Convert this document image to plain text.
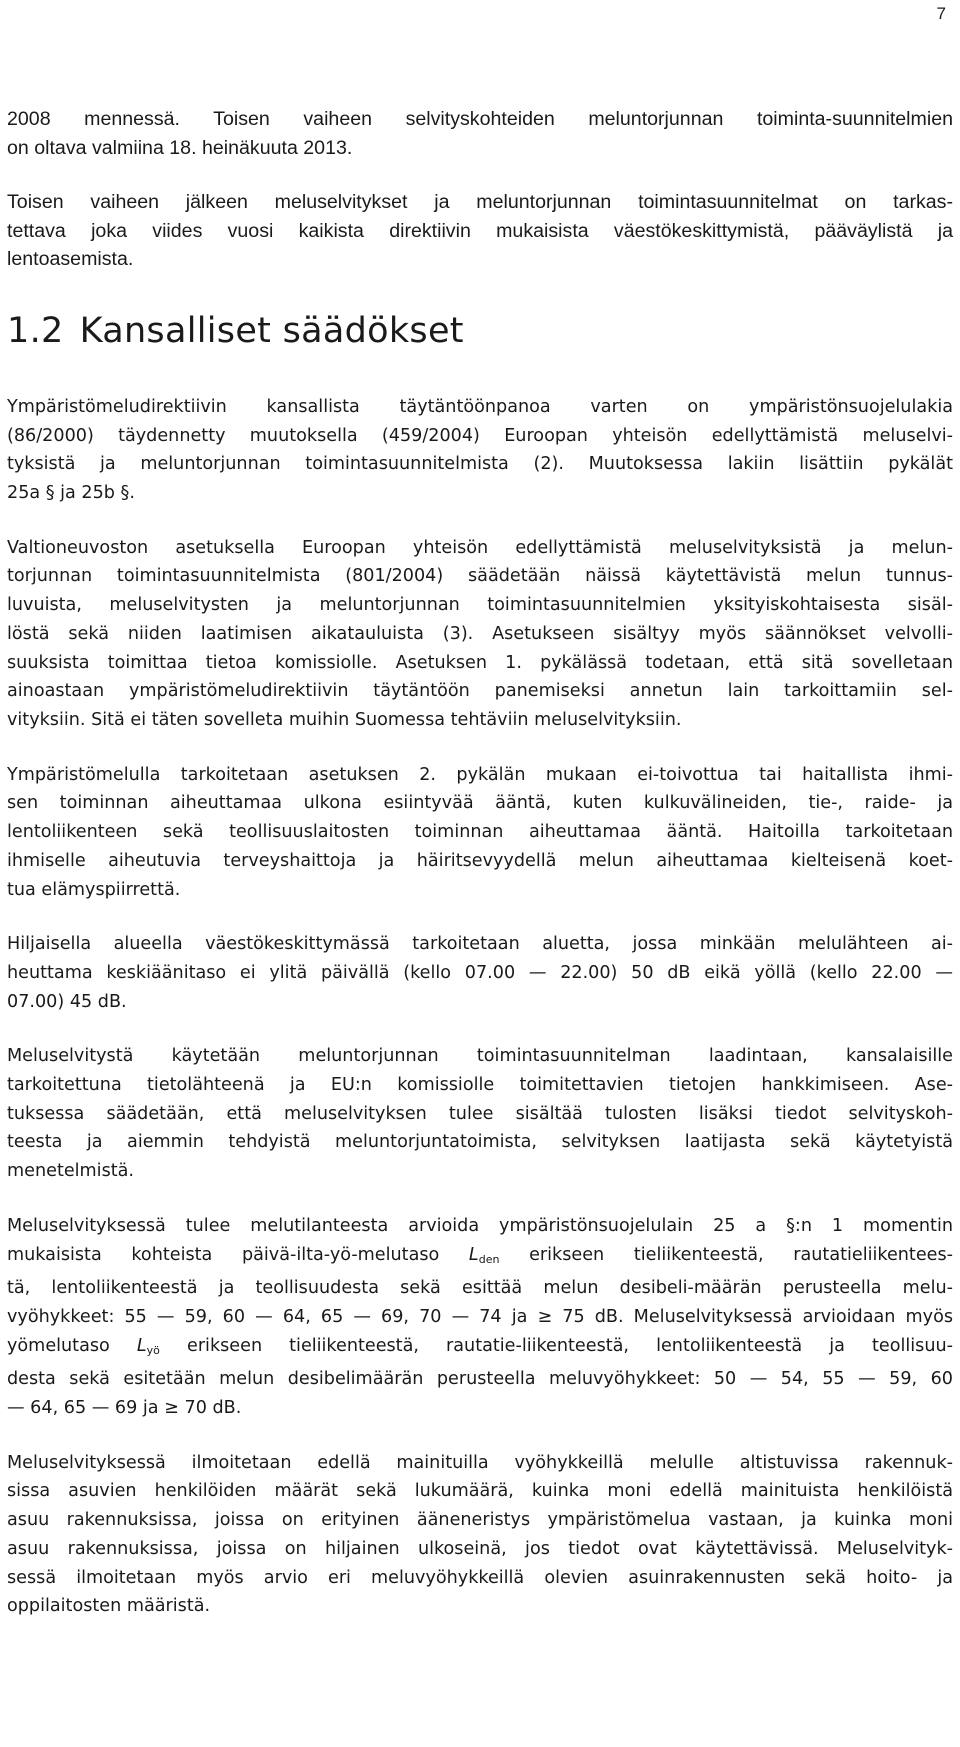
7
2008 mennessä. Toisen vaiheen selvityskohteiden meluntorjunnan toiminta-suunnitelmien
on oltava valmiina 18. heinäkuuta 2013.
Toisen vaiheen jälkeen meluselvitykset ja meluntorjunnan toimintasuunnitelmat on tarkas-
tettava joka viides vuosi kaikista direktiivin mukaisista väestökeskittymistä, pääväylistä ja
lentoasemista.
1.2 Kansalliset säädökset
Ympäristömeludirektiivin kansallista täytäntöönpanoa varten on ympäristönsuojelulakia
(86/2000) täydennetty muutoksella (459/2004) Euroopan yhteisön edellyttämistä meluselvi-
tyksistä ja meluntorjunnan toimintasuunnitelmista (2). Muutoksessa lakiin lisättiin pykälät
25a § ja 25b §.
Valtioneuvoston asetuksella Euroopan yhteisön edellyttämistä meluselvityksistä ja melun-
torjunnan toimintasuunnitelmista (801/2004) säädetään näissä käytettävistä melun tunnus-
luvuista, meluselvitysten ja meluntorjunnan toimintasuunnitelmien yksityiskohtaisesta sisäl-
löstä sekä niiden laatimisen aikatauluista (3). Asetukseen sisältyy myös säännökset velvolli-
suuksista toimittaa tietoa komissiolle. Asetuksen 1. pykälässä todetaan, että sitä sovelletaan
ainoastaan ympäristömeludirektiivin täytäntöön panemiseksi annetun lain tarkoittamiin sel-
vityksiin. Sitä ei täten sovelleta muihin Suomessa tehtäviin meluselvityksiin.
Ympäristömelulla tarkoitetaan asetuksen 2. pykälän mukaan ei-toivottua tai haitallista ihmi-
sen toiminnan aiheuttamaa ulkona esiintyvää ääntä, kuten kulkuvälineiden, tie-, raide- ja
lentoliikenteen sekä teollisuuslaitosten toiminnan aiheuttamaa ääntä. Haitoilla tarkoitetaan
ihmiselle aiheutuvia terveyshaittoja ja häiritsevyydellä melun aiheuttamaa kielteisenä koet-
tua elämyspiirrettä.
Hiljaisella alueella väestökeskittymässä tarkoitetaan aluetta, jossa minkään melulähteen ai-
heuttama keskiäänitaso ei ylitä päivällä (kello 07.00 — 22.00) 50 dB eikä yöllä (kello 22.00 —
07.00) 45 dB.
Meluselvitystä käytetään meluntorjunnan toimintasuunnitelman laadintaan, kansalaisille
tarkoitettuna tietolähteenä ja EU:n komissiolle toimitettavien tietojen hankkimiseen. Ase-
tuksessa säädetään, että meluselvityksen tulee sisältää tulosten lisäksi tiedot selvityskoh-
teesta ja aiemmin tehdyistä meluntorjuntatoimista, selvityksen laatijasta sekä käytetyistä
menetelmistä.
Meluselvityksessä tulee melutilanteesta arvioida ympäristönsuojelulain 25 a §:n 1 momentin
mukaisista kohteista päivä-ilta-yö-melutaso $L_{den}$ erikseen tieliikenteestä, rautatieliikentees-
tä, lentoliikenteestä ja teollisuudesta sekä esittää melun desibeli-määrän perusteella melu-
vyöhykkeet: 55 — 59, 60 — 64, 65 — 69, 70 — 74 ja ≥ 75 dB. Meluselvityksessä arvioidaan myös
yömelutaso $L_{yö}$ erikseen tieliikenteestä, rautatie-liikenteestä, lentoliikenteestä ja teollisuu-
desta sekä esitetään melun desibelimäärän perusteella meluvyöhykkeet: 50 — 54, 55 — 59, 60
— 64, 65 — 69 ja ≥ 70 dB.
Meluselvityksessä ilmoitetaan edellä mainituilla vyöhykkeillä melulle altistuvissa rakennuk-
sissa asuvien henkilöiden määrät sekä lukumäärä, kuinka moni edellä mainituista henkilöistä
asuu rakennuksissa, joissa on erityinen ääneneristys ympäristömelua vastaan, ja kuinka moni
asuu rakennuksissa, joissa on hiljainen ulkoseinä, jos tiedot ovat käytettävissä. Meluselvityk-
sessä ilmoitetaan myös arvio eri meluvyöhykkeillä olevien asuinrakennusten sekä hoito- ja
oppilaitosten määristä.
